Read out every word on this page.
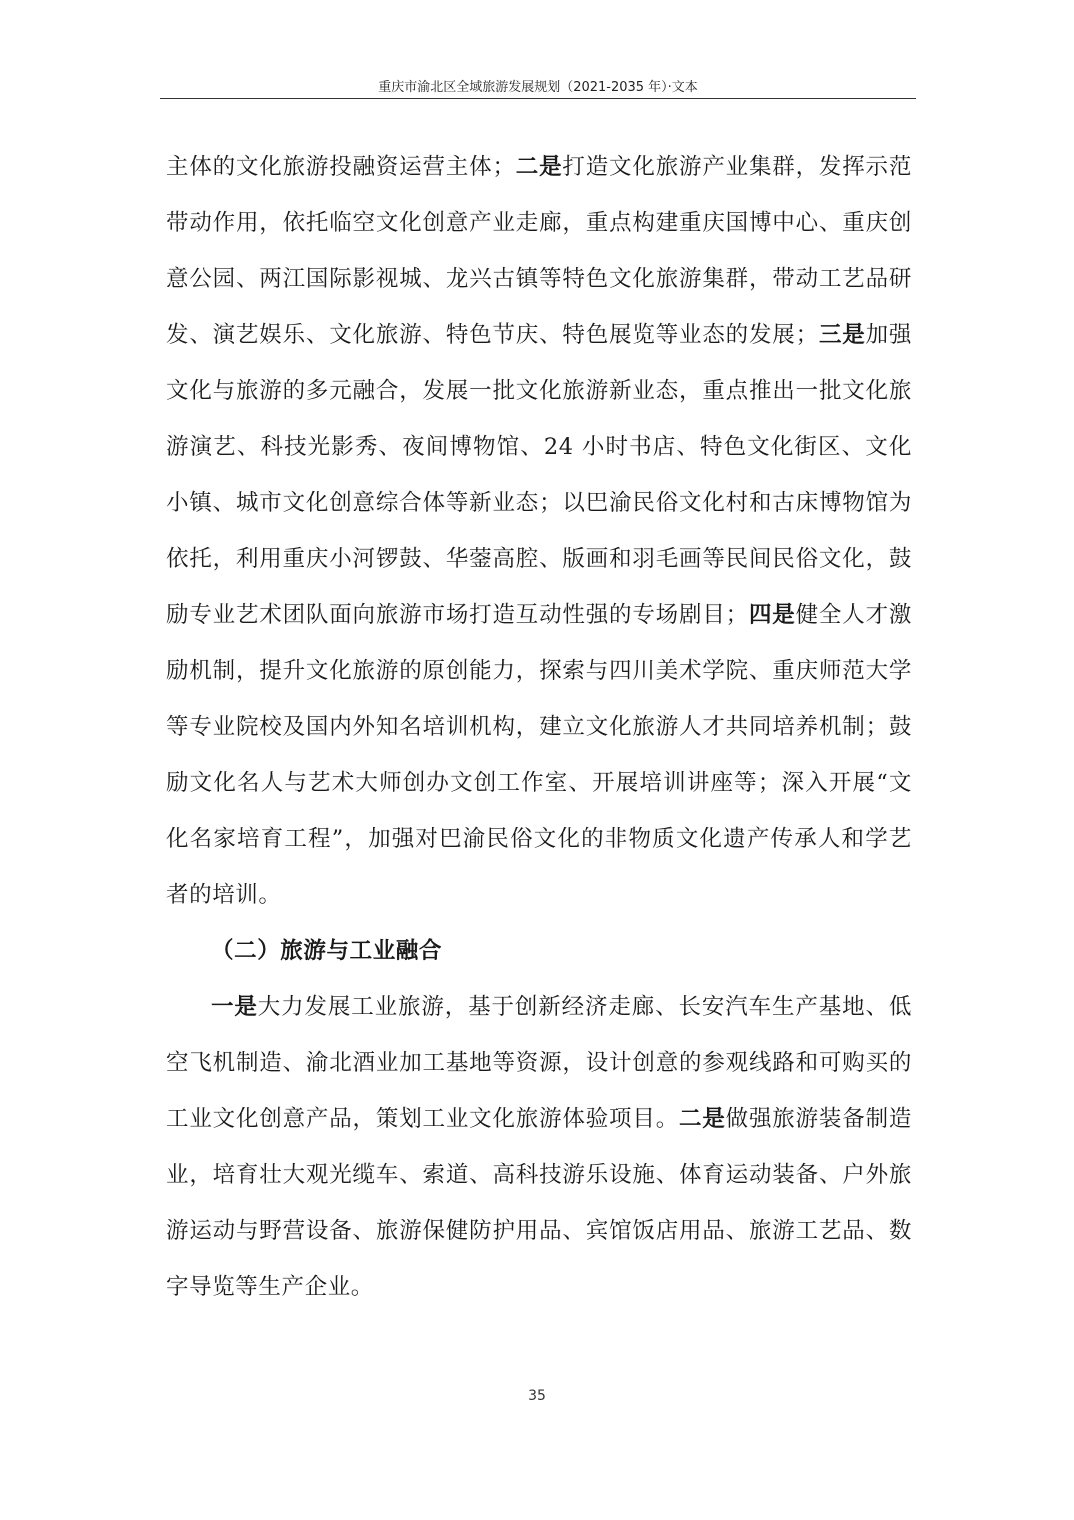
重庆市渝北区全域旅游发展规划（2021-2035 年）·文本

主体的文化旅游投融资运营主体；二是打造文化旅游产业集群，发挥示范带动作用，依托临空文化创意产业走廊，重点构建重庆国博中心、重庆创意公园、两江国际影视城、龙兴古镇等特色文化旅游集群，带动工艺品研发、演艺娱乐、文化旅游、特色节庆、特色展览等业态的发展；三是加强文化与旅游的多元融合，发展一批文化旅游新业态，重点推出一批文化旅游演艺、科技光影秀、夜间博物馆、24 小时书店、特色文化街区、文化小镇、城市文化创意综合体等新业态；以巴渝民俗文化村和古床博物馆为依托，利用重庆小河锣鼓、华蓥高腔、版画和羽毛画等民间民俗文化，鼓励专业艺术团队面向旅游市场打造互动性强的专场剧目；四是健全人才激励机制，提升文化旅游的原创能力，探索与四川美术学院、重庆师范大学等专业院校及国内外知名培训机构，建立文化旅游人才共同培养机制；鼓励文化名人与艺术大师创办文创工作室、开展培训讲座等；深入开展“文化名家培育工程”，加强对巴渝民俗文化的非物质文化遗产传承人和学艺者的培训。

（二）旅游与工业融合

一是大力发展工业旅游，基于创新经济走廊、长安汽车生产基地、低空飞机制造、渝北酒业加工基地等资源，设计创意的参观线路和可购买的工业文化创意产品，策划工业文化旅游体验项目。二是做强旅游装备制造业，培育壮大观光缆车、索道、高科技游乐设施、体育运动装备、户外旅游运动与野营设备、旅游保健防护用品、宾馆饭店用品、旅游工艺品、数字导览等生产企业。

35
